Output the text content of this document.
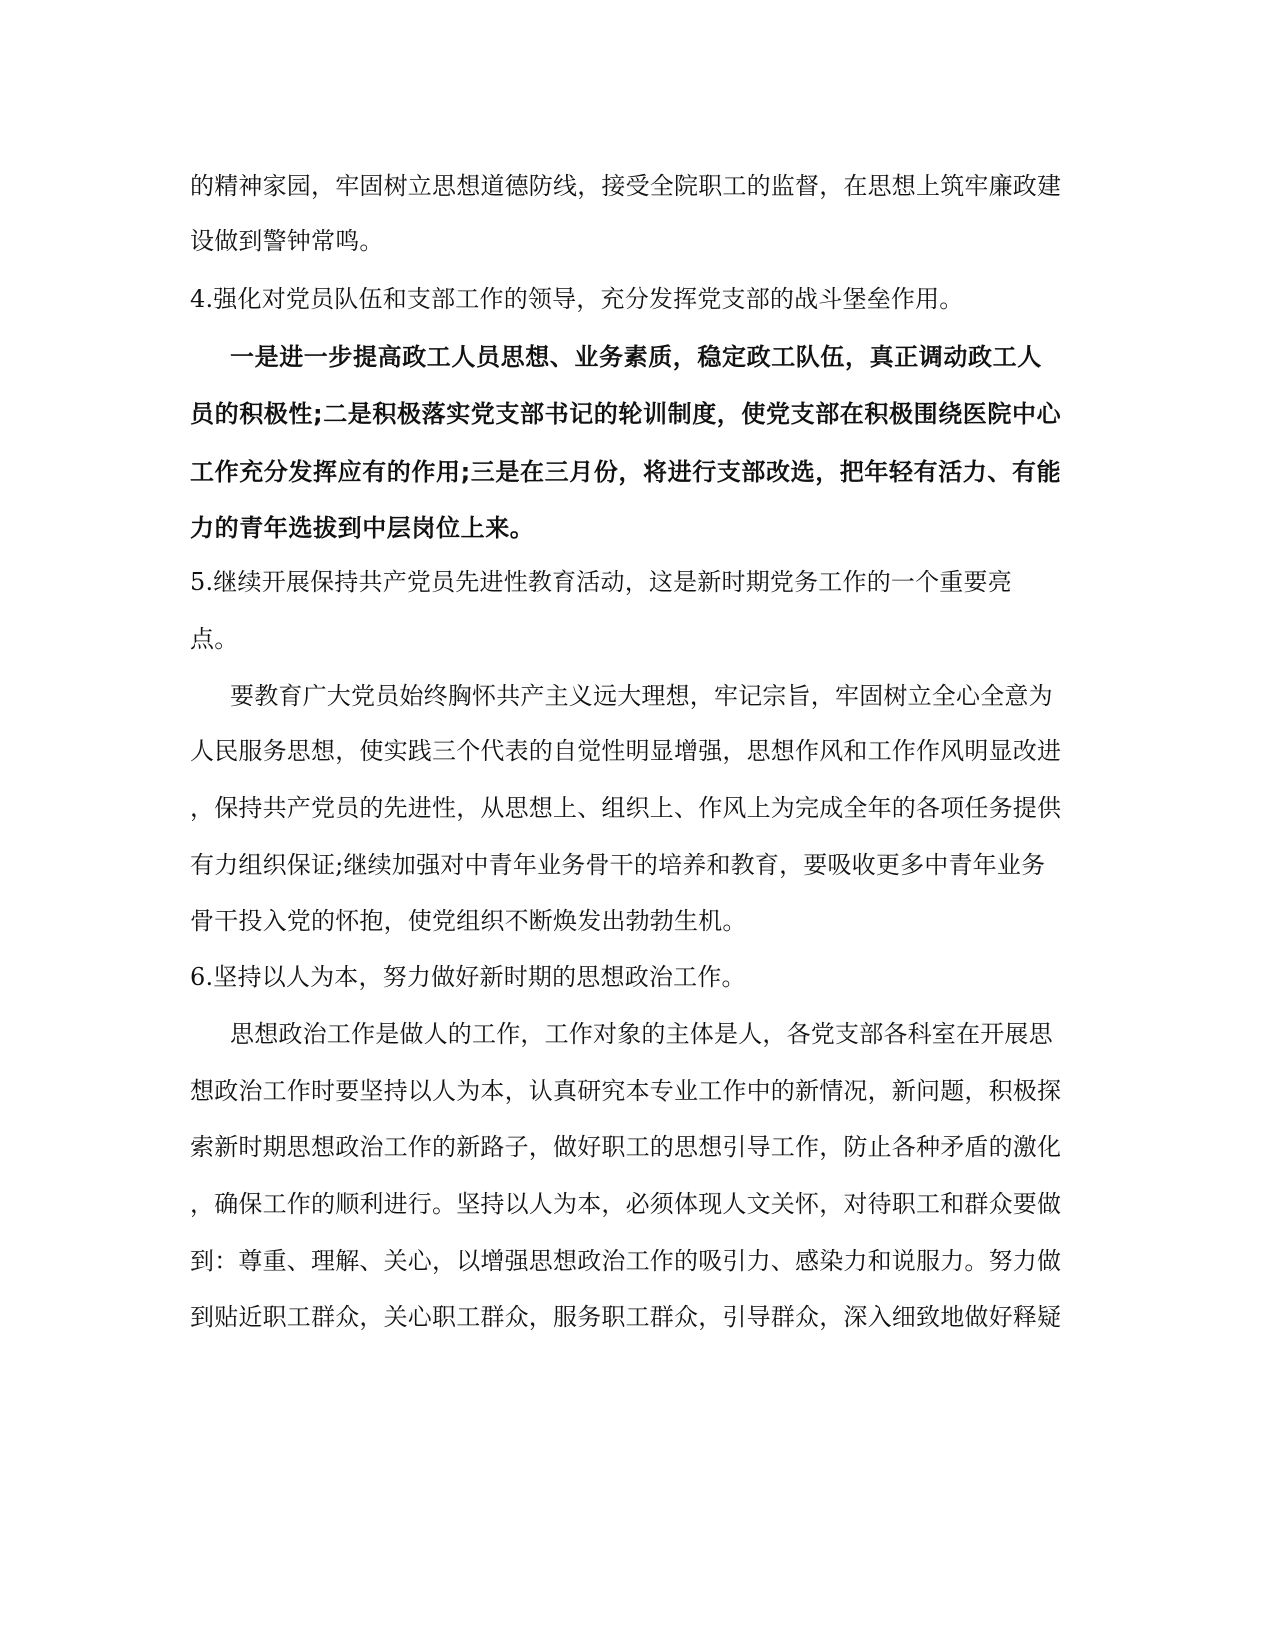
的精神家园，牢固树立思想道德防线，接受全院职工的监督，在思想上筑牢廉政建
设做到警钟常鸣。
4.强化对党员队伍和支部工作的领导，充分发挥党支部的战斗堡垒作用。
一是进一步提高政工人员思想、业务素质，稳定政工队伍，真正调动政工人
员的积极性;二是积极落实党支部书记的轮训制度，使党支部在积极围绕医院中心
工作充分发挥应有的作用;三是在三月份，将进行支部改选，把年轻有活力、有能
力的青年选拔到中层岗位上来。
5.继续开展保持共产党员先进性教育活动，这是新时期党务工作的一个重要亮
点。
要教育广大党员始终胸怀共产主义远大理想，牢记宗旨，牢固树立全心全意为
人民服务思想，使实践三个代表的自觉性明显增强，思想作风和工作作风明显改进
，保持共产党员的先进性，从思想上、组织上、作风上为完成全年的各项任务提供
有力组织保证;继续加强对中青年业务骨干的培养和教育，要吸收更多中青年业务
骨干投入党的怀抱，使党组织不断焕发出勃勃生机。
6.坚持以人为本，努力做好新时期的思想政治工作。
思想政治工作是做人的工作，工作对象的主体是人，各党支部各科室在开展思
想政治工作时要坚持以人为本，认真研究本专业工作中的新情况，新问题，积极探
索新时期思想政治工作的新路子，做好职工的思想引导工作，防止各种矛盾的激化
，确保工作的顺利进行。坚持以人为本，必须体现人文关怀，对待职工和群众要做
到：尊重、理解、关心，以增强思想政治工作的吸引力、感染力和说服力。努力做
到贴近职工群众，关心职工群众，服务职工群众，引导群众，深入细致地做好释疑
